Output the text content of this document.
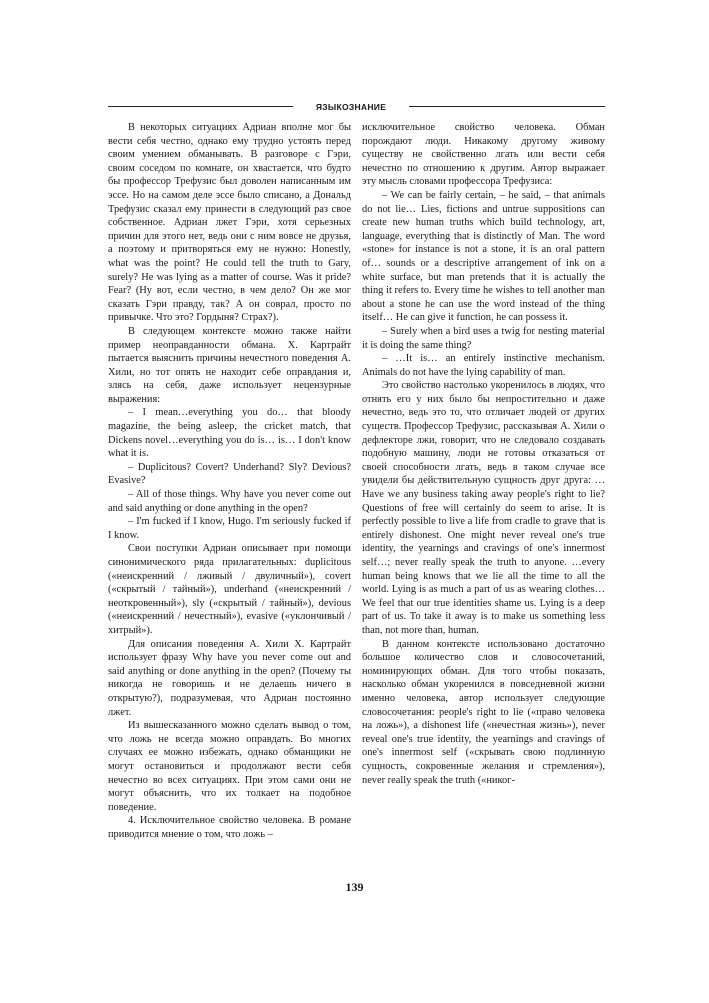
ЯЗЫКОЗНАНИЕ

В некоторых ситуациях Адриан вполне мог бы вести себя честно, однако ему трудно устоять перед своим умением обманывать. В разговоре с Гэри, своим соседом по комнате, он хвастается, что будто бы профессор Трефузис был доволен написанным им эссе. Но на самом деле эссе было списано, а Дональд Трефузис сказал ему принести в следующий раз свое собственное. Адриан лжет Гэри, хотя серьезных причин для этого нет, ведь они с ним вовсе не друзья, а поэтому и притворяться ему не нужно: Honestly, what was the point? He could tell the truth to Gary, surely? He was lying as a matter of course. Was it pride? Fear? (Ну вот, если честно, в чем дело? Он же мог сказать Гэри правду, так? А он соврал, просто по привычке. Что это? Гордыня? Страх?).

В следующем контексте можно также найти пример неоправданности обмана. Х. Картрайт пытается выяснить причины нечестного поведения А. Хили, но тот опять не находит себе оправдания и, злясь на себя, даже использует нецензурные выражения:

– I mean…everything you do… that bloody magazine, the being asleep, the cricket match, that Dickens novel…everything you do is… is… I don't know what it is.

– Duplicitous? Covert? Underhand? Sly? Devious? Evasive?

– All of those things. Why have you never come out and said anything or done anything in the open?

– I'm fucked if I know, Hugo. I'm seriously fucked if I know.

Свои поступки Адриан описывает при помощи синонимического ряда прилагательных: duplicitous («неискренний / лживый / двуличный»), covert («скрытый / тайный»), underhand («неискренний / неоткровенный»), sly («скрытый / тайный»), devious («неискренний / нечестный»), evasive («уклончивый / хитрый»).

Для описания поведения А. Хили Х. Картрайт использует фразу Why have you never come out and said anything or done anything in the open? (Почему ты никогда не говоришь и не делаешь ничего в открытую?), подразумевая, что Адриан постоянно лжет.

Из вышесказанного можно сделать вывод о том, что ложь не всегда можно оправдать. Во многих случаях ее можно избежать, однако обманщики не могут остановиться и продолжают вести себя нечестно во всех ситуациях. При этом сами они не могут объяснить, что их толкает на подобное поведение.

4. Исключительное свойство человека. В романе приводится мнение о том, что ложь –

исключительное свойство человека. Обман порождают люди. Никакому другому живому существу не свойственно лгать или вести себя нечестно по отношению к другим. Автор выражает эту мысль словами профессора Трефузиса:

– We can be fairly certain, – he said, – that animals do not lie… Lies, fictions and untrue suppositions can create new human truths which build technology, art, language, everything that is distinctly of Man. The word «stone» for instance is not a stone, it is an oral pattern of… sounds or a descriptive arrangement of ink on a white surface, but man pretends that it is actually the thing it refers to. Every time he wishes to tell another man about a stone he can use the word instead of the thing itself… He can give it function, he can possess it.

– Surely when a bird uses a twig for nesting material it is doing the same thing?

– …It is… an entirely instinctive mechanism. Animals do not have the lying capability of man.

Это свойство настолько укоренилось в людях, что отнять его у них было бы непростительно и даже нечестно, ведь это то, что отличает людей от других существ. Профессор Трефузис, рассказывая А. Хили о дефлекторе лжи, говорит, что не следовало создавать подобную машину, люди не готовы отказаться от своей способности лгать, ведь в таком случае все увидели бы действительную сущность друг друга: …Have we any business taking away people's right to lie? Questions of free will certainly do seem to arise. It is perfectly possible to live a life from cradle to grave that is entirely dishonest. One might never reveal one's true identity, the yearnings and cravings of one's innermost self…; never really speak the truth to anyone. …every human being knows that we lie all the time to all the world. Lying is as much a part of us as wearing clothes…We feel that our true identities shame us. Lying is a deep part of us. To take it away is to make us something less than, not more than, human.

В данном контексте использовано достаточно большое количество слов и словосочетаний, номинирующих обман. Для того чтобы показать, насколько обман укоренился в повседневной жизни именно человека, автор использует следующие словосочетания: people's right to lie («право человека на ложь»), a dishonest life («нечестная жизнь»), never reveal one's true identity, the yearnings and cravings of one's innermost self («скрывать свою подлинную сущность, сокровенные желания и стремления»), never really speak the truth («никог-

139
